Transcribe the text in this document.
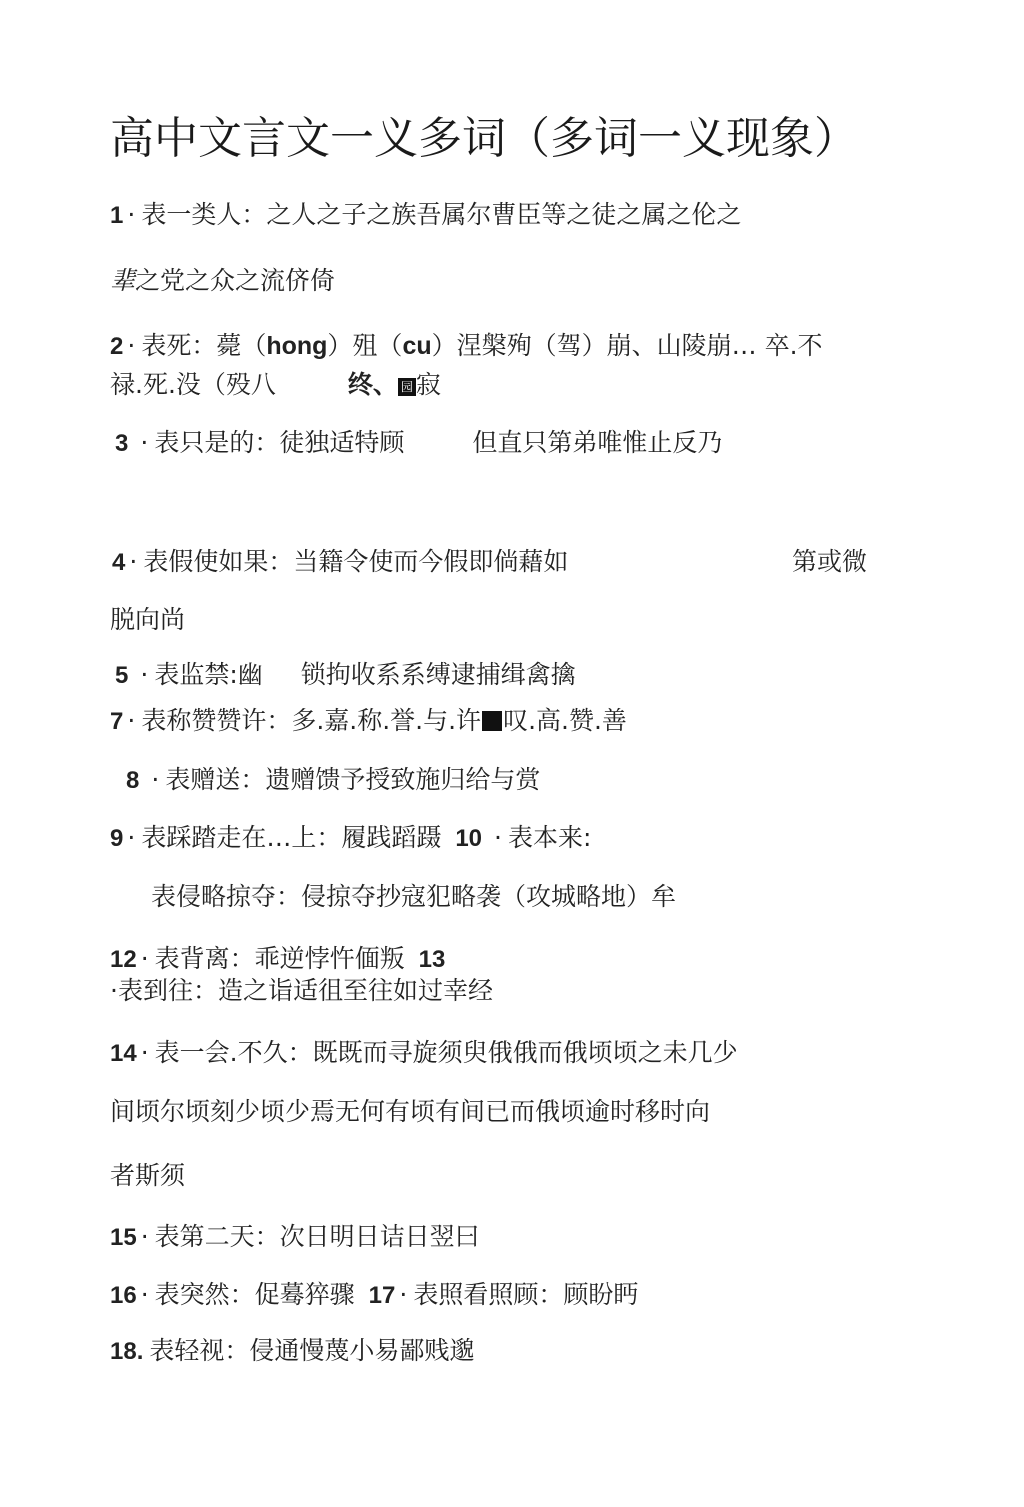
高中文言文一义多词（多词一义现象）
1 · 表一类人：之人之子之族吾属尔曹臣等之徒之属之伦之
辈之党之众之流侪倚
2 · 表死：薨（hong）殂（cu）涅槃殉（驾）崩、山陵崩… 卒.不
禄.死.没（殁八	终、 园 寂
3 · 表只是的：徒独适特顾	但直只第弟唯惟止反乃
4 · 表假使如果：当籍令使而今假即倘藉如	第或微
脱向尚
5 · 表监禁:幽 锁拘收系系缚逮捕缉禽擒
7 · 表称赞赞许：多.嘉.称.誉.与.许 叹.高.赞.善
8 · 表赠送：遗赠馈予授致施归给与赏
9 · 表踩踏走在…上：履践蹈蹑 10 · 表本来:
表侵略掠夺：侵掠夺抄寇犯略袭（攻城略地）牟
12 · 表背离：乖逆悖忤偭叛 13
·表到往：造之诣适徂至往如过幸经
14 · 表一会.不久：既既而寻旋须臾俄俄而俄顷顷之未几少
间顷尔顷刻少顷少焉无何有顷有间已而俄顷逾时移时向
者斯须
15 · 表第二天：次日明日诘日翌曰
16 · 表突然：促蓦猝骤 17 · 表照看照顾：顾盼眄
18. 表轻视：侵通慢蔑小易鄙贱邈
